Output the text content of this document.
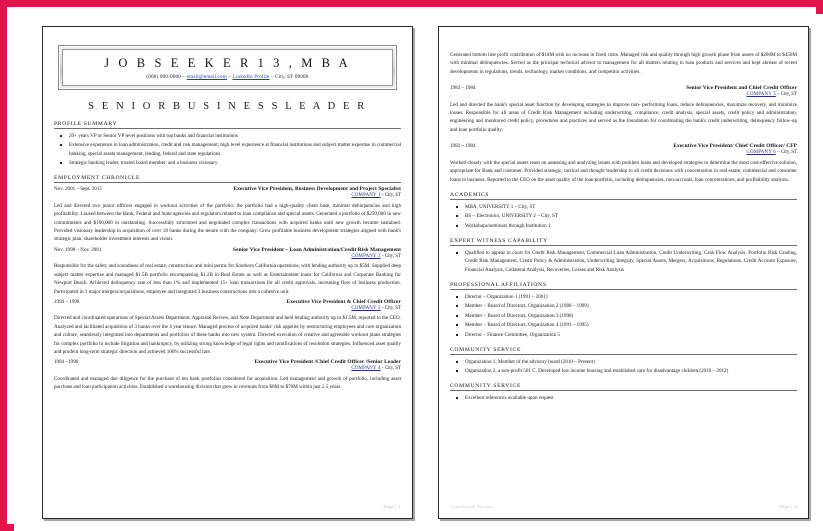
J O B S E E K E R 1 3 , M B A
(000) 000-0000 – email@email.com – LinkedIn Profile – City, ST 00000
S E N I O R B U S I N E S S L E A D E R
PROFILE SUMMARY
20+ years VP or Senior VP level positions with top banks and financial institutions
Extensive experience in loan administration, credit and risk management; high level experience at financial institutions and subject matter expertise in commercial banking, special assets management, lending, federal and state regulations
Strategic banking leader, trusted board member, and a business visionary
EMPLOYMENT CHRONICLE
Nov. 2001 – Sept. 2015	Executive Vice President, Business Development and Project Specialist
COMPANY 1 - City, ST

Led and directed two junior officers engaged in workout activities of the portfolio; the portfolio had a high-quality client base, minimal delinquencies and high profitability. Liaised between the Bank, Federal and State agencies and regulators related to loan compliance and special assets. Generated a portfolio of $250,000 in new commitments and $100,000 in outstanding. Successfully structured and negotiated complex transactions with acquired banks until new growth became sustained. Provided visionary leadership in acquisition of over 18 banks during the tenure with the company. Grew profitable business development strategies aligned with bank's strategic plan, shareholder investment interests and vision.

Nov. 1998 – Nov. 2001	Senior Vice President – Loan Administration/Credit Risk Management
COMPANY 2 - City, ST

Responsible for the safety and soundness of real estate, construction and mini perms for Southern California operations, with lending authority up to $5M. Supplied deep subject matter expertise and managed $1.5B portfolio encompassing $1.2B in Real Estate as well as Entertainment loans for California and Corporate Banking for Newport Beach. Achieved delinquency rate of less than 1% and implemented 15+ loan transactions for all credit approvals, increasing flow of business production. Participated in 3 major mergers/acquisitions, employee and integrated 3 business constructions into a cohesive unit.

1994 – 1998	Executive Vice President & Chief Credit Officer
COMPANY 3 - City, ST

Directed and coordinated operations of Special Assets Department, Appraisal Review, and Note Department and held lending authority up to $1.5M, reported to the CEO. Analyzed and facilitated acquisition of 3 banks over the 4 year tenure. Managed process of acquired banks' risk appetite by restructuring employees and core organization and culture, seamlessly integrated into departments and portfolios of these banks into new system. Directed execution of creative and agreeable workout plans strategies for complex portfolio to include litigation and bankruptcy, by utilizing strong knowledge of legal rights and ramifications of resolution strategies. Influenced asset quality and prudent long-term strategic direction and achieved 100% successful rate.

1984 –1996	Executive Vice President /Chief Credit Officer /Senior Leader
COMPANY 4 - City, ST

Coordinated and managed due diligence for the purchase of ten bank portfolios considered for acquisition. Led management and growth of portfolio, including asset purchase and loan participation activities. Established a warehousing division that grew in revenues from $0M to $70M within just 2.5 years.

Page | 1

Generated bottom line profit contribution of $18M with no increase in fixed costs. Managed risk and quality through high growth phase from assets of $200M to $450M with minimal delinquencies. Served as the principal technical advisor to management for all matters relating to loan products and services and kept abreast of recent developments in regulations, trends, technology, market conditions, and competitor activities.

1983 – 1984	Senior Vice President and Chief Credit Officer
COMPANY 5 – City, ST

Led and directed the bank's special asset function by developing strategies to improve non- performing loans, reduce delinquencies, maximize recovery, and minimize losses. Responsible for all areas of Credit Risk Management including underwriting, compliance, credit analysis, special assets, credit policy and administration, engineering and monitored credit policy, procedures and practices and served as the foundation for coordinating the bank's credit underwriting, delinquency follow-up and loan portfolio quality.

1982 – 1984	Executive Vice President/ Chief Credit Officer/ CFP
COMPANY 6 – City, ST

Worked closely with the special assets team on assessing and analyzing issues with problem loans and developed strategies to determine the most cost-effective solution, appropriate for Bank and customer. Provided strategic, tactical and thought leadership to all credit decisions with concentration in real estate, commercial and consumer loans to business. Reported to the CEO on the asset quality of the loan portfolio, including delinquencies, non-accruals, loan concentrations, and profitability analysis.

ACADEMICS
MBA, UNIVERSITY 1 – City, ST
BS – Electronics, UNIVERSITY 2 – City, ST
Workshops/seminars through Institution 1
EXPERT WITNESS CAPABILITY
Qualified to appear in court for Credit Risk Management, Commercial Loan Administration, Credit Underwriting, Cash Flow Analysis, Portfolio Risk Grading, Credit Risk Management, Credit Policy & Administration, Underwriting Integrity, Special Assets, Mergers, Acquisitions, Regulations, Credit Account Exposure, Financial Analysis, Collateral Analysis, Recoveries, Losses and Risk Analysis
PROFESSIONAL AFFILIATIONS
Director – Organization 1 (1991 – 2001)
Member – Board of Directors, Organization 2 (1988 – 1999)
Member – Board of Directors, Organization 3 (1998)
Member – Board of Directors, Organization 4 (1991 – 1995)
Director – Finance Committee, Organization 5
COMMUNITY SERVICE
Organization 1, Member of the advisory board (2010 – Present)
Organization 2, a non-profit 501 C. Developed low income housing and established care for disadvantage children (2010 – 2012)
COMMUNITY SERVICE
Excellent references available upon request
Confidential Resume	Page | 2
